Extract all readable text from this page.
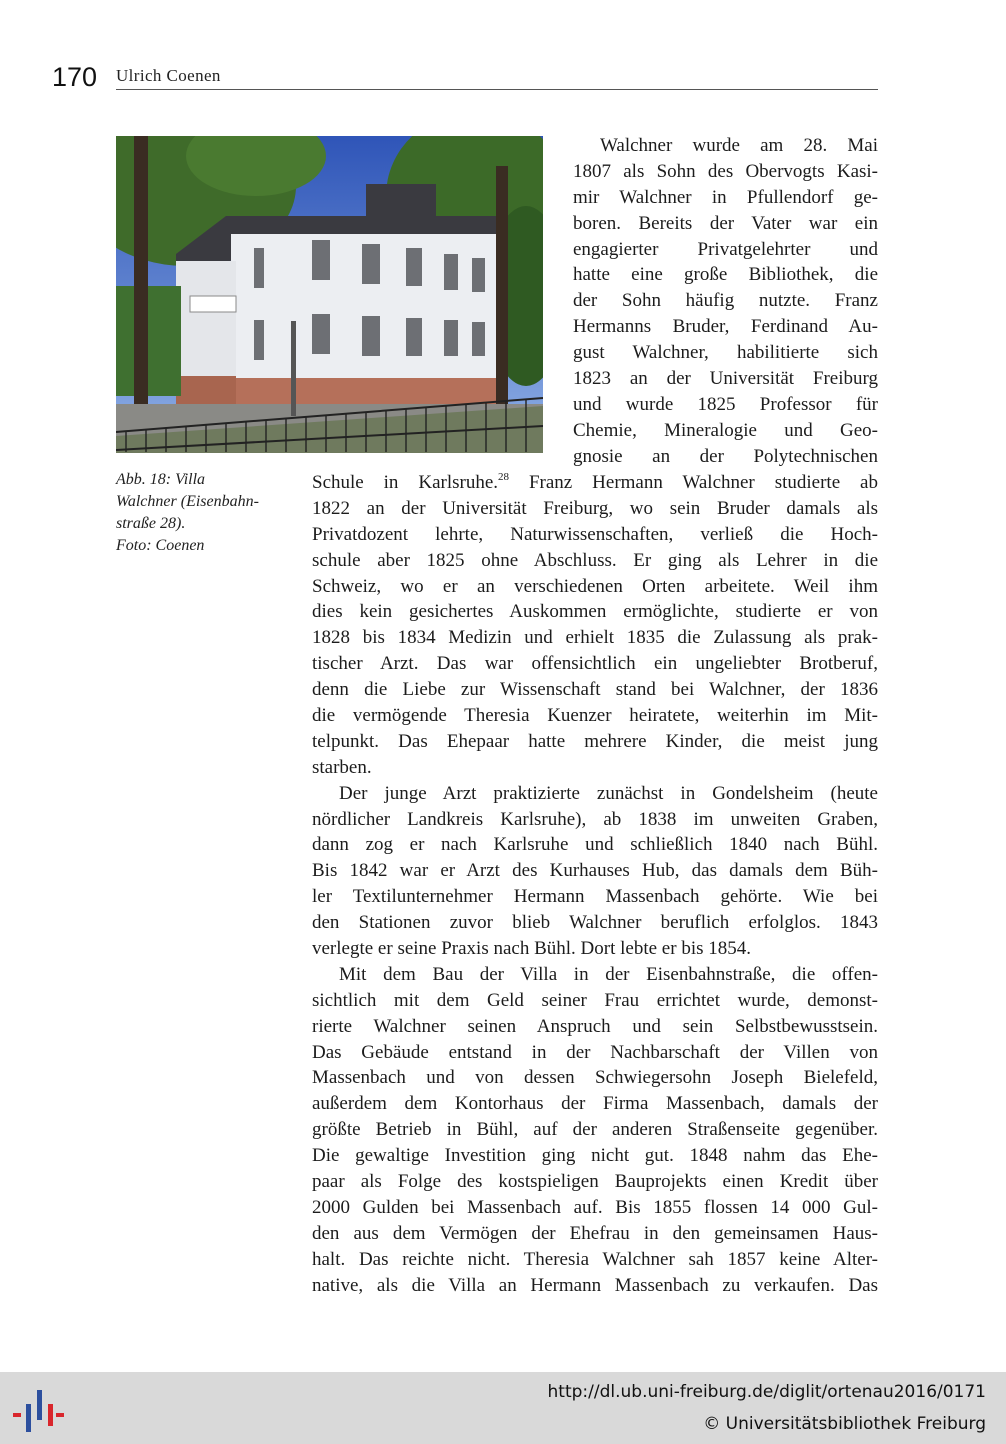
170 Ulrich Coenen
Abb. 18: Villa
Walchner (Eisenbahn-
straße 28).
Foto: Coenen
Walchner wurde am 28. Mai
1807 als Sohn des Obervogts Kasi-
mir Walchner in Pfullendorf ge-
boren. Bereits der Vater war ein
engagierter Privatgelehrter und
hatte eine große Bibliothek, die
der Sohn häufig nutzte. Franz
Hermanns Bruder, Ferdinand Au-
gust Walchner, habilitierte sich
1823 an der Universität Freiburg
und wurde 1825 Professor für
Chemie, Mineralogie und Geo-
gnosie an der Polytechnischen
Schule in Karlsruhe.$^{28}$ Franz Hermann Walchner studierte ab
1822 an der Universität Freiburg, wo sein Bruder damals als
Privatdozent lehrte, Naturwissenschaften, verließ die Hoch-
schule aber 1825 ohne Abschluss. Er ging als Lehrer in die
Schweiz, wo er an verschiedenen Orten arbeitete. Weil ihm
dies kein gesichertes Auskommen ermöglichte, studierte er von
1828 bis 1834 Medizin und erhielt 1835 die Zulassung als prak-
tischer Arzt. Das war offensichtlich ein ungeliebter Brotberuf,
denn die Liebe zur Wissenschaft stand bei Walchner, der 1836
die vermögende Theresia Kuenzer heiratete, weiterhin im Mit-
telpunkt. Das Ehepaar hatte mehrere Kinder, die meist jung
starben.
Der junge Arzt praktizierte zunächst in Gondelsheim (heute
nördlicher Landkreis Karlsruhe), ab 1838 im unweiten Graben,
dann zog er nach Karlsruhe und schließlich 1840 nach Bühl.
Bis 1842 war er Arzt des Kurhauses Hub, das damals dem Büh-
ler Textilunternehmer Hermann Massenbach gehörte. Wie bei
den Stationen zuvor blieb Walchner beruflich erfolglos. 1843
verlegte er seine Praxis nach Bühl. Dort lebte er bis 1854.
Mit dem Bau der Villa in der Eisenbahnstraße, die offen-
sichtlich mit dem Geld seiner Frau errichtet wurde, demonst-
rierte Walchner seinen Anspruch und sein Selbstbewusstsein.
Das Gebäude entstand in der Nachbarschaft der Villen von
Massenbach und von dessen Schwiegersohn Joseph Bielefeld,
außerdem dem Kontorhaus der Firma Massenbach, damals der
größte Betrieb in Bühl, auf der anderen Straßenseite gegenüber.
Die gewaltige Investition ging nicht gut. 1848 nahm das Ehe-
paar als Folge des kostspieligen Bauprojekts einen Kredit über
2000 Gulden bei Massenbach auf. Bis 1855 flossen 14 000 Gul-
den aus dem Vermögen der Ehefrau in den gemeinsamen Haus-
halt. Das reichte nicht. Theresia Walchner sah 1857 keine Alter-
native, als die Villa an Hermann Massenbach zu verkaufen. Das
http://dl.ub.uni-freiburg.de/diglit/ortenau2016/0171
© Universitätsbibliothek Freiburg
